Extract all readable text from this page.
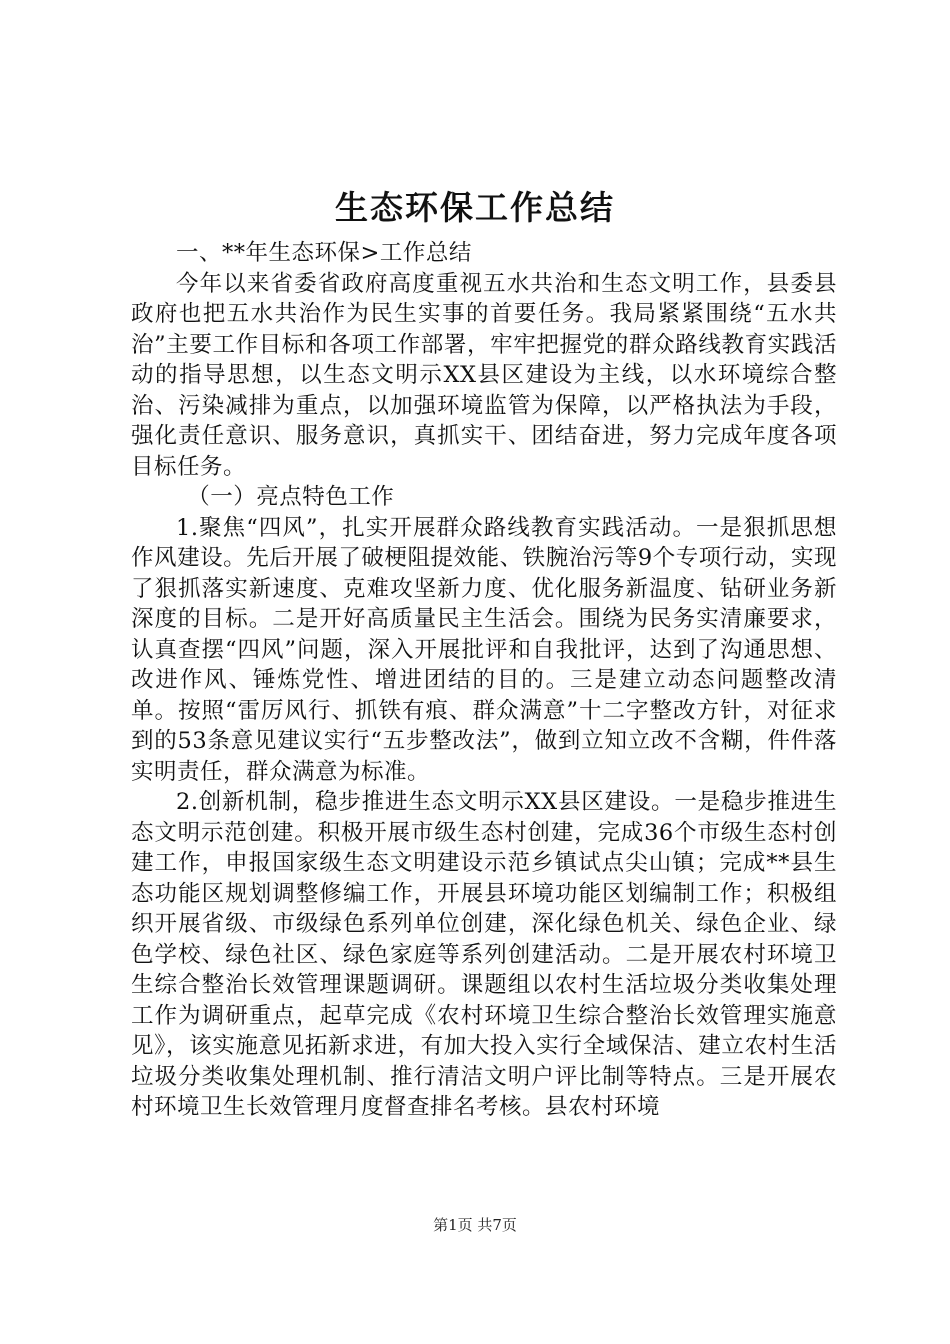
生态环保工作总结

一、**年生态环保>工作总结

今年以来省委省政府高度重视五水共治和生态文明工作，县委县政府也把五水共治作为民生实事的首要任务。我局紧紧围绕“五水共治”主要工作目标和各项工作部署，牢牢把握党的群众路线教育实践活动的指导思想，以生态文明示XX县区建设为主线，以水环境综合整治、污染减排为重点，以加强环境监管为保障，以严格执法为手段，强化责任意识、服务意识，真抓实干、团结奋进，努力完成年度各项目标任务。

（一）亮点特色工作

1.聚焦“四风”，扎实开展群众路线教育实践活动。一是狠抓思想作风建设。先后开展了破梗阻提效能、铁腕治污等9个专项行动，实现了狠抓落实新速度、克难攻坚新力度、优化服务新温度、钻研业务新深度的目标。二是开好高质量民主生活会。围绕为民务实清廉要求，认真查摆“四风”问题，深入开展批评和自我批评，达到了沟通思想、改进作风、锤炼党性、增进团结的目的。三是建立动态问题整改清单。按照“雷厉风行、抓铁有痕、群众满意”十二字整改方针，对征求到的53条意见建议实行“五步整改法”，做到立知立改不含糊，件件落实明责任，群众满意为标准。

2.创新机制，稳步推进生态文明示XX县区建设。一是稳步推进生态文明示范创建。积极开展市级生态村创建，完成36个市级生态村创建工作，申报国家级生态文明建设示范乡镇试点尖山镇；完成**县生态功能区规划调整修编工作，开展县环境功能区划编制工作；积极组织开展省级、市级绿色系列单位创建，深化绿色机关、绿色企业、绿色学校、绿色社区、绿色家庭等系列创建活动。二是开展农村环境卫生综合整治长效管理课题调研。课题组以农村生活垃圾分类收集处理工作为调研重点，起草完成《农村环境卫生综合整治长效管理实施意见》，该实施意见拓新求进，有加大投入实行全域保洁、建立农村生活垃圾分类收集处理机制、推行清洁文明户评比制等特点。三是开展农村环境卫生长效管理月度督查排名考核。县农村环境

第1页 共7页
